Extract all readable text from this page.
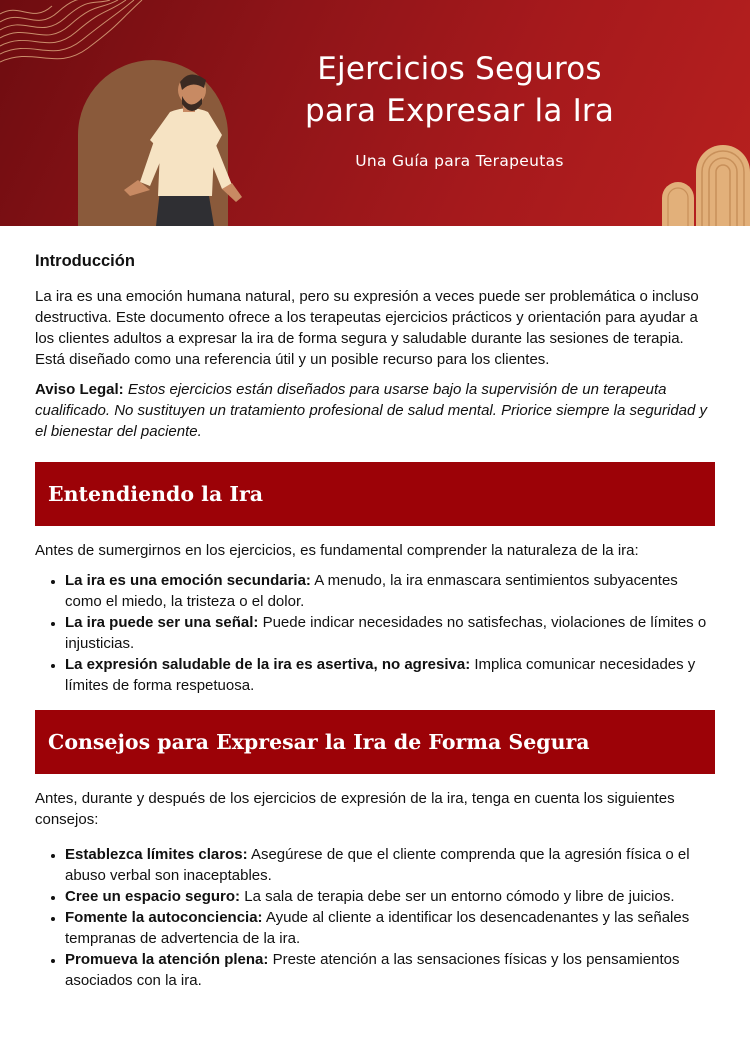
Ejercicios Seguros
para Expresar la Ira
Una Guía para Terapeutas
Introducción

La ira es una emoción humana natural, pero su expresión a veces puede ser problemática o incluso destructiva. Este documento ofrece a los terapeutas ejercicios prácticos y orientación para ayudar a los clientes adultos a expresar la ira de forma segura y saludable durante las sesiones de terapia. Está diseñado como una referencia útil y un posible recurso para los clientes.

Aviso Legal: Estos ejercicios están diseñados para usarse bajo la supervisión de un terapeuta cualificado. No sustituyen un tratamiento profesional de salud mental. Priorice siempre la seguridad y el bienestar del paciente.

Entendiendo la Ira

Antes de sumergirnos en los ejercicios, es fundamental comprender la naturaleza de la ira:

• La ira es una emoción secundaria: A menudo, la ira enmascara sentimientos subyacentes como el miedo, la tristeza o el dolor.
• La ira puede ser una señal: Puede indicar necesidades no satisfechas, violaciones de límites o injusticias.
• La expresión saludable de la ira es asertiva, no agresiva: Implica comunicar necesidades y límites de forma respetuosa.
Consejos para Expresar la Ira de Forma Segura

Antes, durante y después de los ejercicios de expresión de la ira, tenga en cuenta los siguientes consejos:

• Establezca límites claros: Asegúrese de que el cliente comprenda que la agresión física o el abuso verbal son inaceptables.
• Cree un espacio seguro: La sala de terapia debe ser un entorno cómodo y libre de juicios.
• Fomente la autoconciencia: Ayude al cliente a identificar los desencadenantes y las señales tempranas de advertencia de la ira.
• Promueva la atención plena: Preste atención a las sensaciones físicas y los pensamientos asociados con la ira.
